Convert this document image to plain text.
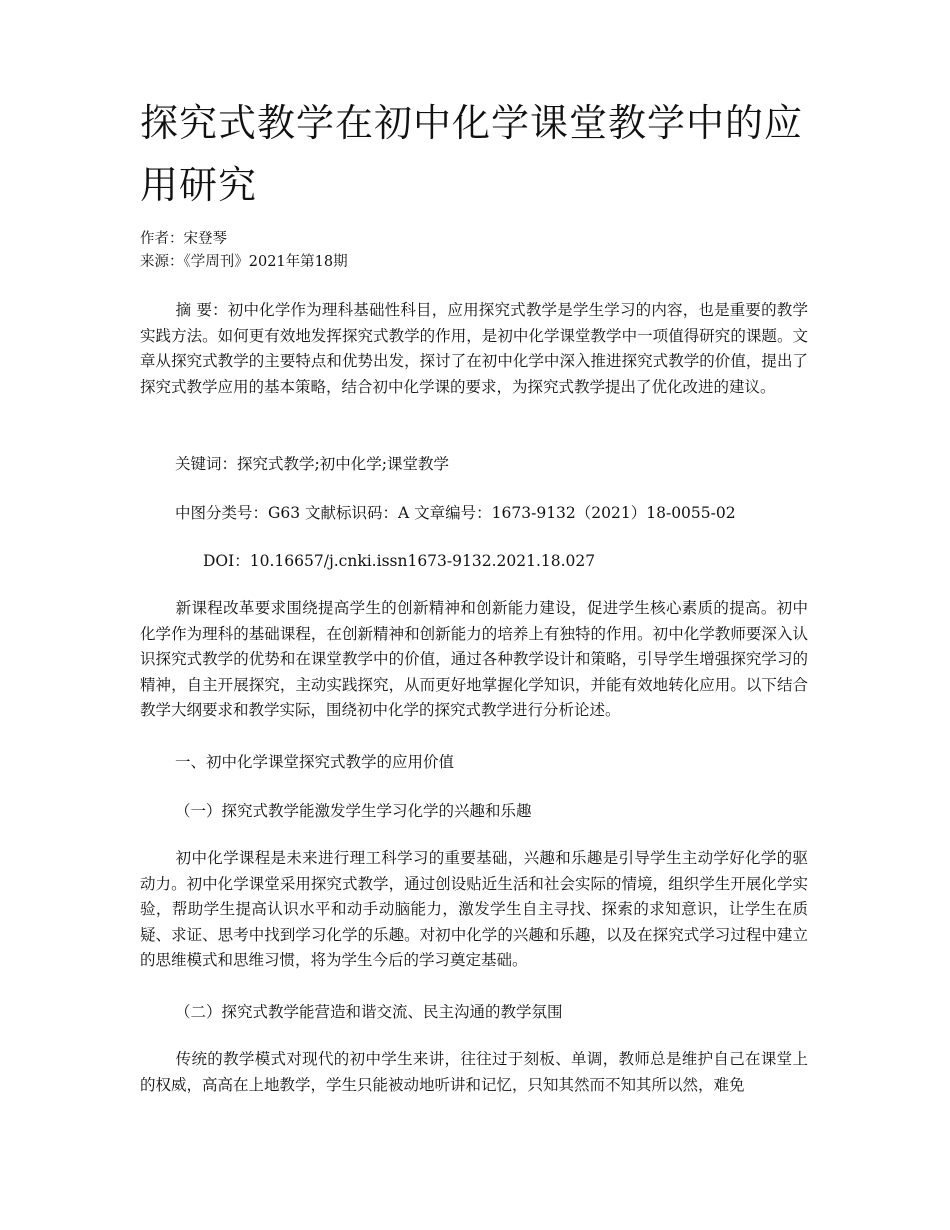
探究式教学在初中化学课堂教学中的应用研究
作者：宋登琴
来源：《学周刊》2021年第18期

摘 要：初中化学作为理科基础性科目，应用探究式教学是学生学习的内容，也是重要的教学实践方法。如何更有效地发挥探究式教学的作用，是初中化学课堂教学中一项值得研究的课题。文章从探究式教学的主要特点和优势出发，探讨了在初中化学中深入推进探究式教学的价值，提出了探究式教学应用的基本策略，结合初中化学课的要求，为探究式教学提出了优化改进的建议。

关键词：探究式教学;初中化学;课堂教学
中图分类号：G63 文献标识码：A 文章编号：1673-9132（2021）18-0055-02
DOI：10.16657/j.cnki.issn1673-9132.2021.18.027

新课程改革要求围绕提高学生的创新精神和创新能力建设，促进学生核心素质的提高。初中化学作为理科的基础课程，在创新精神和创新能力的培养上有独特的作用。初中化学教师要深入认识探究式教学的优势和在课堂教学中的价值，通过各种教学设计和策略，引导学生增强探究学习的精神，自主开展探究，主动实践探究，从而更好地掌握化学知识，并能有效地转化应用。以下结合教学大纲要求和教学实际，围绕初中化学的探究式教学进行分析论述。

一、初中化学课堂探究式教学的应用价值
（一）探究式教学能激发学生学习化学的兴趣和乐趣

初中化学课程是未来进行理工科学习的重要基础，兴趣和乐趣是引导学生主动学好化学的驱动力。初中化学课堂采用探究式教学，通过创设贴近生活和社会实际的情境，组织学生开展化学实验，帮助学生提高认识水平和动手动脑能力，激发学生自主寻找、探索的求知意识，让学生在质疑、求证、思考中找到学习化学的乐趣。对初中化学的兴趣和乐趣，以及在探究式学习过程中建立的思维模式和思维习惯，将为学生今后的学习奠定基础。

（二）探究式教学能营造和谐交流、民主沟通的教学氛围

传统的教学模式对现代的初中学生来讲，往往过于刻板、单调，教师总是维护自己在课堂上的权威，高高在上地教学，学生只能被动地听讲和记忆，只知其然而不知其所以然，难免
